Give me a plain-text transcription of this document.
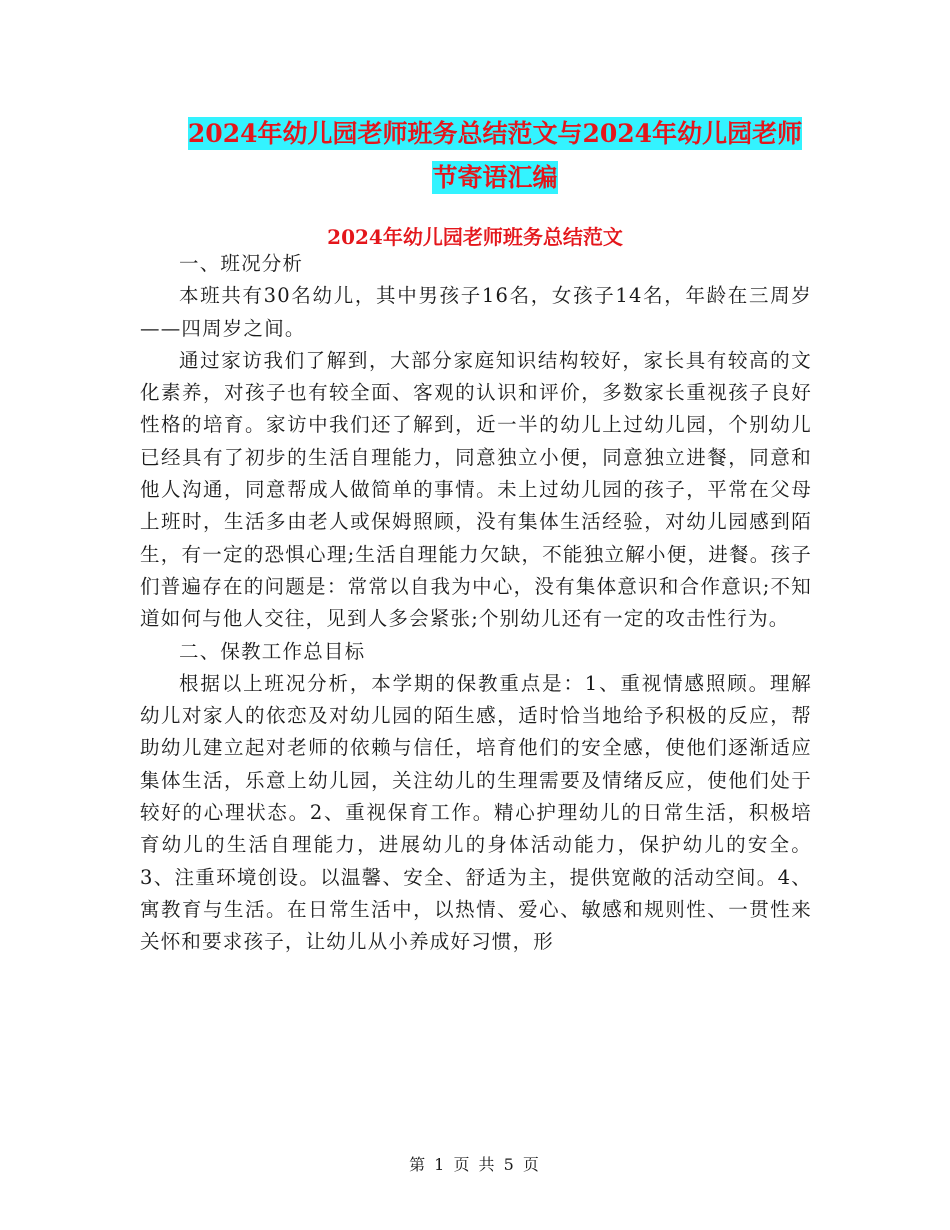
2024年幼儿园老师班务总结范文与2024年幼儿园老师
节寄语汇编
2024年幼儿园老师班务总结范文

一、班况分析

本班共有30名幼儿，其中男孩子16名，女孩子14名，年龄在三周岁——四周岁之间。

通过家访我们了解到，大部分家庭知识结构较好，家长具有较高的文化素养，对孩子也有较全面、客观的认识和评价，多数家长重视孩子良好性格的培育。家访中我们还了解到，近一半的幼儿上过幼儿园，个别幼儿已经具有了初步的生活自理能力，同意独立小便，同意独立进餐，同意和他人沟通，同意帮成人做简单的事情。未上过幼儿园的孩子，平常在父母上班时，生活多由老人或保姆照顾，没有集体生活经验，对幼儿园感到陌生，有一定的恐惧心理;生活自理能力欠缺，不能独立解小便，进餐。孩子们普遍存在的问题是：常常以自我为中心，没有集体意识和合作意识;不知道如何与他人交往，见到人多会紧张;个别幼儿还有一定的攻击性行为。

二、保教工作总目标

根据以上班况分析，本学期的保教重点是：1、重视情感照顾。理解幼儿对家人的依恋及对幼儿园的陌生感，适时恰当地给予积极的反应，帮助幼儿建立起对老师的依赖与信任，培育他们的安全感，使他们逐渐适应集体生活，乐意上幼儿园，关注幼儿的生理需要及情绪反应，使他们处于较好的心理状态。2、重视保育工作。精心护理幼儿的日常生活，积极培育幼儿的生活自理能力，进展幼儿的身体活动能力，保护幼儿的安全。3、注重环境创设。以温馨、安全、舒适为主，提供宽敞的活动空间。4、寓教育与生活。在日常生活中，以热情、爱心、敏感和规则性、一贯性来关怀和要求孩子，让幼儿从小养成好习惯，形

第 1 页 共 5 页
